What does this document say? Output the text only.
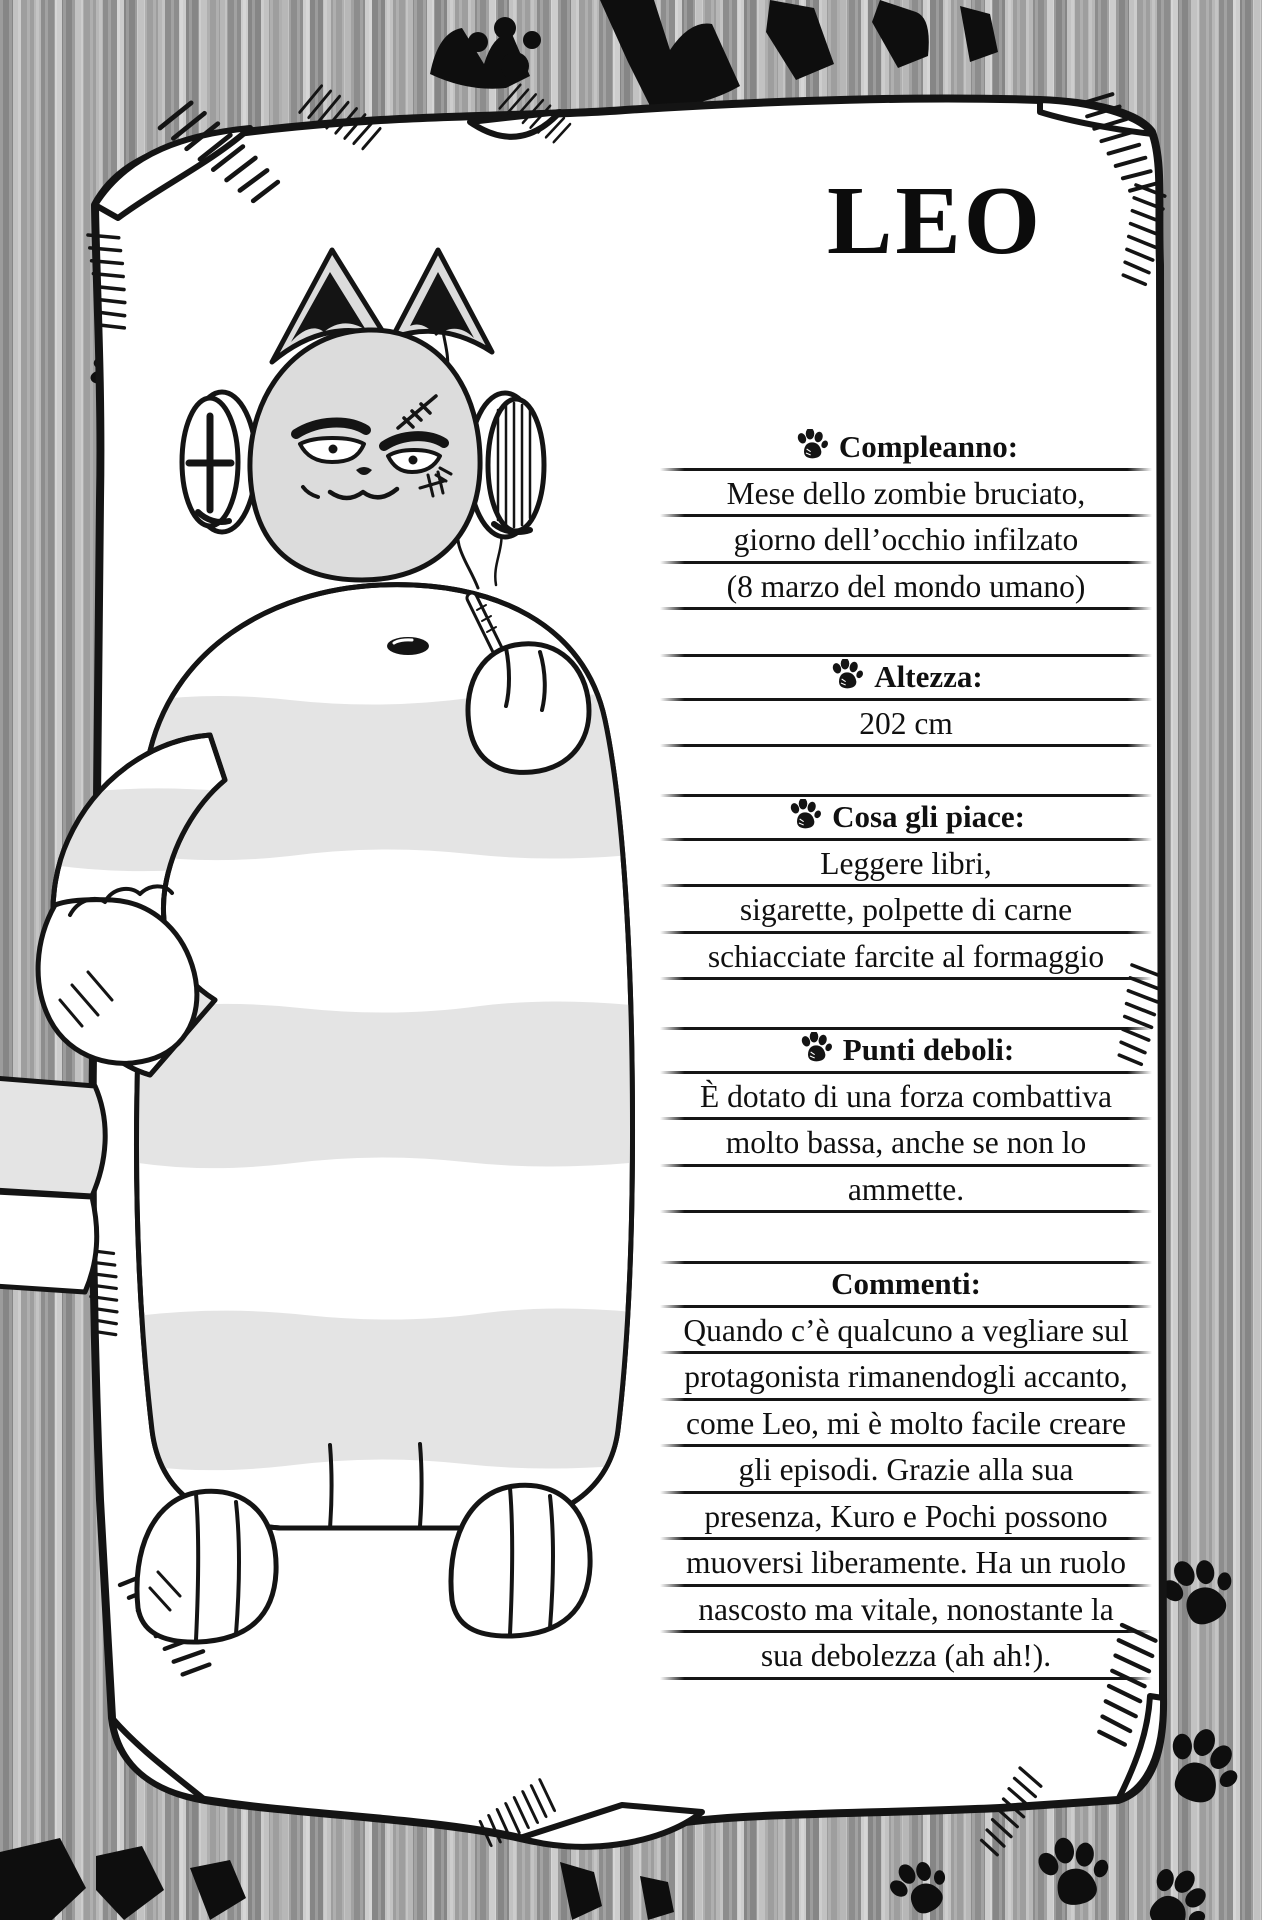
LEO
Compleanno:
Mese dello zombie bruciato,
giorno dell’occhio infilzato
(8 marzo del mondo umano)
Altezza:
202 cm
Cosa gli piace:
Leggere libri,
sigarette, polpette di carne
schiacciate farcite al formaggio
Punti deboli:
È dotato di una forza combattiva
molto bassa, anche se non lo
ammette.
Commenti:
Quando c’è qualcuno a vegliare sul
protagonista rimanendogli accanto,
come Leo, mi è molto facile creare
gli episodi. Grazie alla sua
presenza, Kuro e Pochi possono
muoversi liberamente. Ha un ruolo
nascosto ma vitale, nonostante la
sua debolezza (ah ah!).
